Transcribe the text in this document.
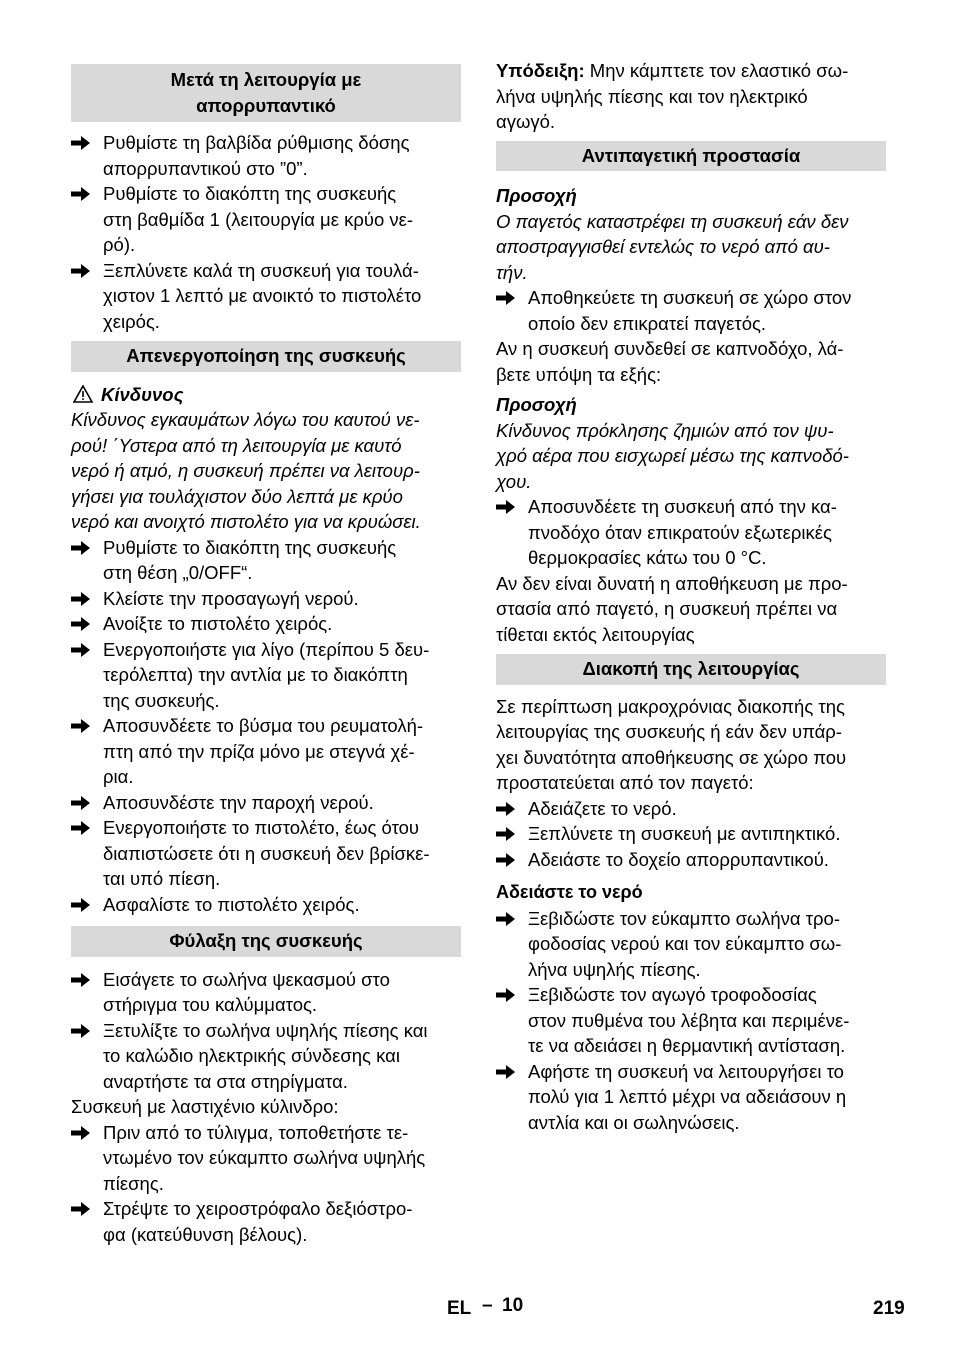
Μετά τη λειτουργία με
απορρυπαντικό
Ρυθμίστε τη βαλβίδα ρύθμισης δόσης
απορρυπαντικού στο ”0”.
Ρυθμίστε το διακόπτη της συσκευής
στη βαθμίδα 1 (λειτουργία με κρύο νε-
ρό).
Ξεπλύνετε καλά τη συσκευή για τουλά-
χιστον 1 λεπτό με ανοικτό το πιστολέτο
χειρός.
Απενεργοποίηση της συσκευής
Κίνδυνος
Κίνδυνος εγκαυμάτων λόγω του καυτού νε-
ρού! ΄Υστερα από τη λειτουργία με καυτό
νερό ή ατμό, η συσκευή πρέπει να λειτουρ-
γήσει για τουλάχιστον δύο λεπτά με κρύο
νερό και ανοιχτό πιστολέτο για να κρυώσει.
Ρυθμίστε το διακόπτη της συσκευής
στη θέση „0/OFF“.
Κλείστε την προσαγωγή νερού.
Ανοίξτε το πιστολέτο χειρός.
Ενεργοποιήστε για λίγο (περίπου 5 δευ-
τερόλεπτα) την αντλία με το διακόπτη
της συσκευής.
Αποσυνδέετε το βύσμα του ρευματολή-
πτη από την πρίζα μόνο με στεγνά χέ-
ρια.
Αποσυνδέστε την παροχή νερού.
Ενεργοποιήστε το πιστολέτο, έως ότου
διαπιστώσετε ότι η συσκευή δεν βρίσκε-
ται υπό πίεση.
Ασφαλίστε το πιστολέτο χειρός.
Φύλαξη της συσκευής
Εισάγετε το σωλήνα ψεκασμού στο
στήριγμα του καλύμματος.
Ξετυλίξτε το σωλήνα υψηλής πίεσης και
το καλώδιο ηλεκτρικής σύνδεσης και
αναρτήστε τα στα στηρίγματα.
Συσκευή με λαστιχένιο κύλινδρο:
Πριν από το τύλιγμα, τοποθετήστε τε-
ντωμένο τον εύκαμπτο σωλήνα υψηλής
πίεσης.
Στρέψτε το χειροστρόφαλο δεξιόστρο-
φα (κατεύθυνση βέλους).
Υπόδειξη: Μην κάμπτετε τον ελαστικό σω-
λήνα υψηλής πίεσης και τον ηλεκτρικό
αγωγό.
Αντιπαγετική προστασία
Προσοχή
Ο παγετός καταστρέφει τη συσκευή εάν δεν
αποστραγγισθεί εντελώς το νερό από αυ-
τήν.
Αποθηκεύετε τη συσκευή σε χώρο στον
οποίο δεν επικρατεί παγετός.
Αν η συσκευή συνδεθεί σε καπνοδόχο, λά-
βετε υπόψη τα εξής:
Προσοχή
Κίνδυνος πρόκλησης ζημιών από τον ψυ-
χρό αέρα που εισχωρεί μέσω της καπνοδό-
χου.
Αποσυνδέετε τη συσκευή από την κα-
πνοδόχο όταν επικρατούν εξωτερικές
θερμοκρασίες κάτω του 0 °C.
Αν δεν είναι δυνατή η αποθήκευση με προ-
στασία από παγετό, η συσκευή πρέπει να
τίθεται εκτός λειτουργίας
Διακοπή της λειτουργίας
Σε περίπτωση μακροχρόνιας διακοπής της
λειτουργίας της συσκευής ή εάν δεν υπάρ-
χει δυνατότητα αποθήκευσης σε χώρο που
προστατεύεται από τον παγετό:
Αδειάζετε το νερό.
Ξεπλύνετε τη συσκευή με αντιπηκτικό.
Αδειάστε το δοχείο απορρυπαντικού.
Αδειάστε το νερό
Ξεβιδώστε τον εύκαμπτο σωλήνα τρο-
φοδοσίας νερού και τον εύκαμπτο σω-
λήνα υψηλής πίεσης.
Ξεβιδώστε τον αγωγό τροφοδοσίας
στον πυθμένα του λέβητα και περιμένε-
τε να αδειάσει η θερμαντική αντίσταση.
Αφήστε τη συσκευή να λειτουργήσει το
πολύ για 1 λεπτό μέχρι να αδειάσουν η
αντλία και οι σωληνώσεις.
EL – 10	219
